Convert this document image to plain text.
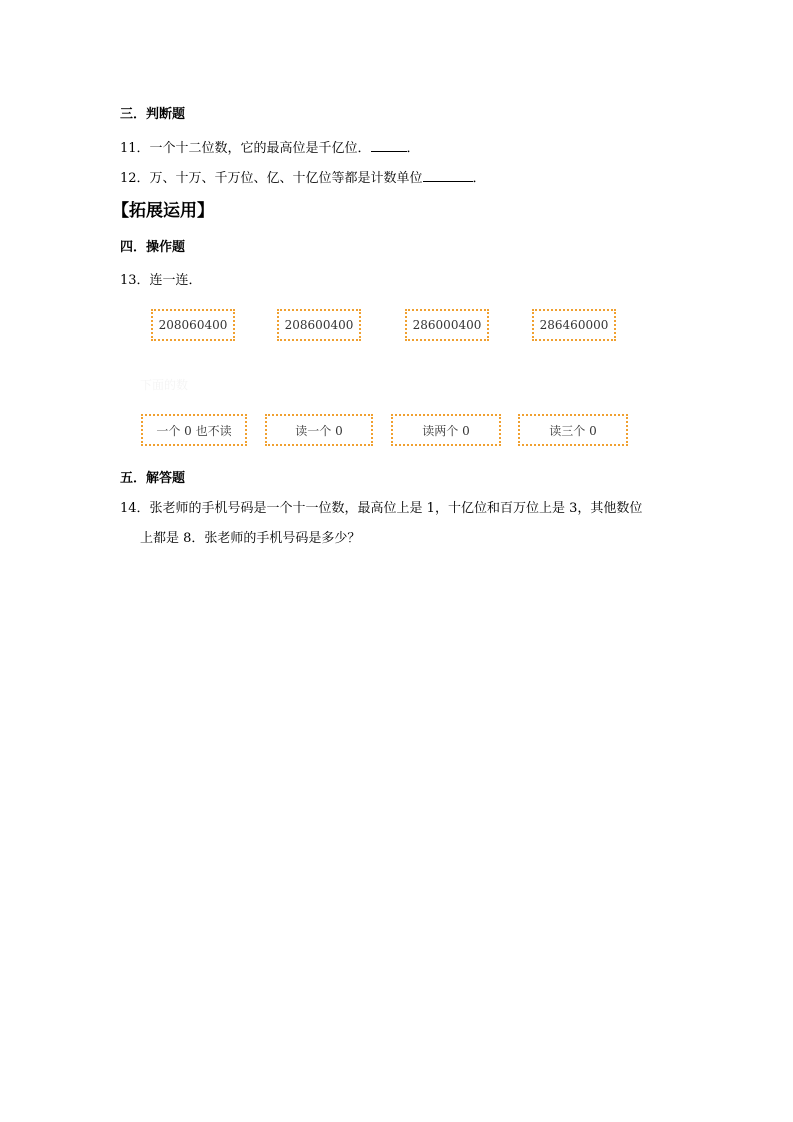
三．判断题
11．一个十二位数，它的最高位是千亿位．	．
12．万、十万、千万位、亿、十亿位等都是计数单位	．
【拓展运用】
四．操作题
13．连一连．
208060400	208600400	286000400	286460000
下面的数
一个 0 也不读	读一个 0	读两个 0	读三个 0
五．解答题
14．张老师的手机号码是一个十一位数，最高位上是 1，十亿位和百万位上是 3，其他数位
上都是 8．张老师的手机号码是多少？
